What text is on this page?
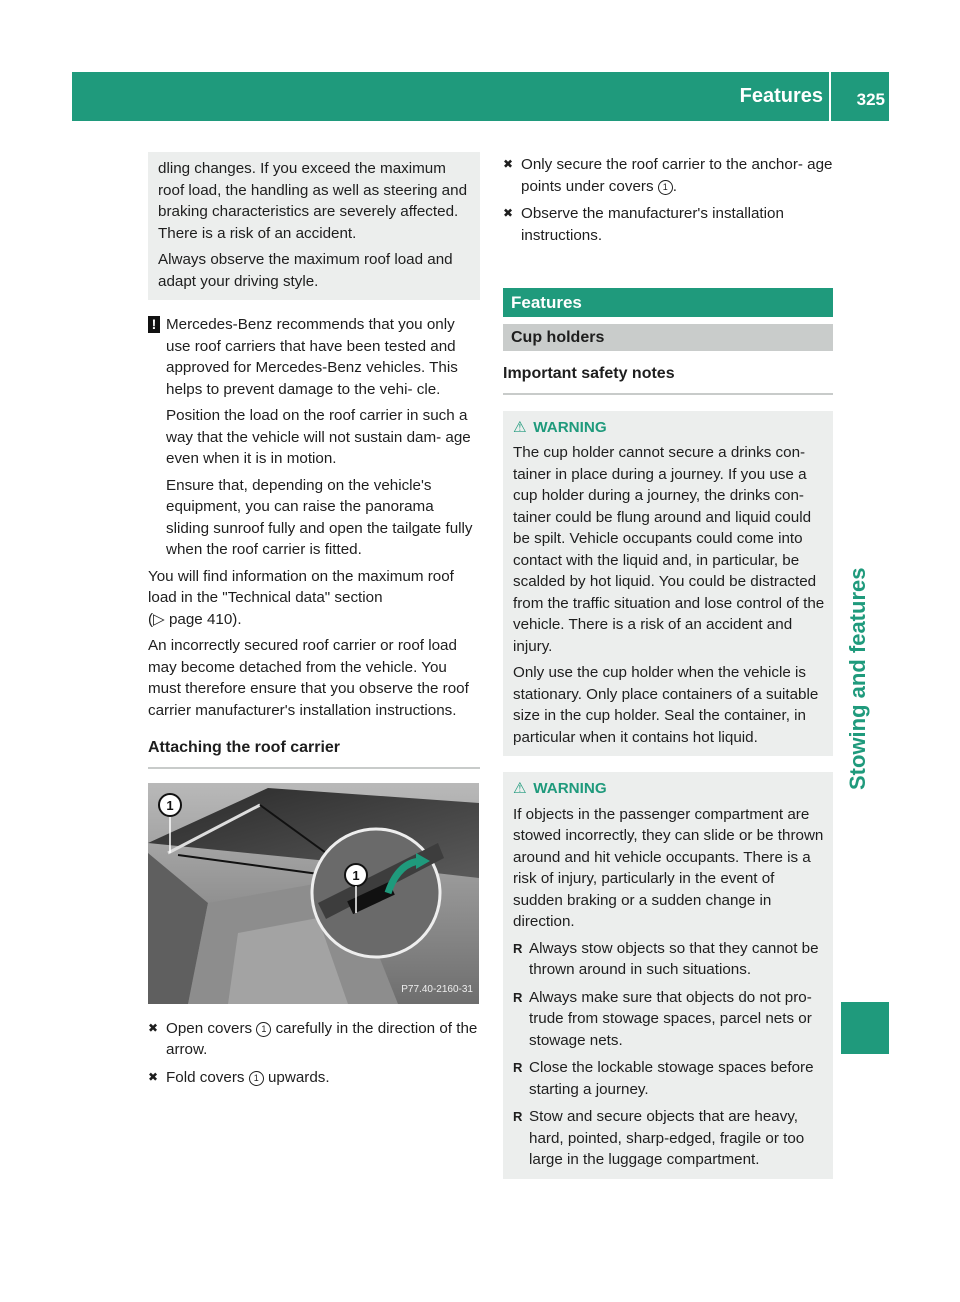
Features 325
Stowing and features

dling changes. If you exceed the maximum roof load, the handling as well as steering and braking characteristics are severely affected. There is a risk of an accident.

Always observe the maximum roof load and adapt your driving style.

! Mercedes-Benz recommends that you only use roof carriers that have been tested and approved for Mercedes-Benz vehicles. This helps to prevent damage to the vehi- cle.

Position the load on the roof carrier in such a way that the vehicle will not sustain dam- age even when it is in motion.

Ensure that, depending on the vehicle's equipment, you can raise the panorama sliding sunroof fully and open the tailgate fully when the roof carrier is fitted.

You will find information on the maximum roof load in the "Technical data" section

(▷ page 410).

An incorrectly secured roof carrier or roof load may become detached from the vehicle. You must therefore ensure that you observe the roof carrier manufacturer's installation instructions.

Attaching the roof carrier
1
1
P77.40-2160-31
✖ Open covers 1 carefully in the direction of the arrow.
✖ Fold covers 1 upwards.
✖ Only secure the roof carrier to the anchor- age points under covers 1 .
✖ Observe the manufacturer's installation instructions.
Features
Cup holders
Important safety notes
⚠ WARNING

The cup holder cannot secure a drinks con- tainer in place during a journey. If you use a cup holder during a journey, the drinks con- tainer could be flung around and liquid could be spilt. Vehicle occupants could come into contact with the liquid and, in particular, be scalded by hot liquid. You could be distracted from the traffic situation and lose control of the vehicle. There is a risk of an accident and injury.

Only use the cup holder when the vehicle is stationary. Only place containers of a suitable size in the cup holder. Seal the container, in particular when it contains hot liquid.

⚠ WARNING

If objects in the passenger compartment are stowed incorrectly, they can slide or be thrown around and hit vehicle occupants. There is a risk of injury, particularly in the event of sudden braking or a sudden change in direction.

R Always stow objects so that they cannot be thrown around in such situations.
R Always make sure that objects do not pro- trude from stowage spaces, parcel nets or stowage nets.
R Close the lockable stowage spaces before starting a journey.
R Stow and secure objects that are heavy, hard, pointed, sharp-edged, fragile or too large in the luggage compartment.
